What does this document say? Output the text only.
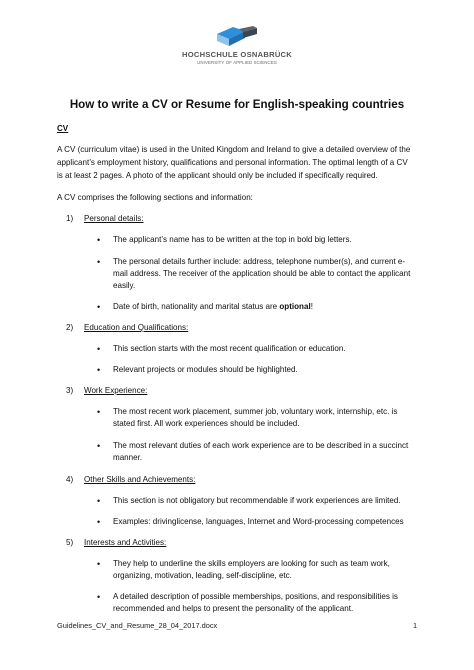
HOCHSCHULE OSNABRÜCK
UNIVERSITY OF APPLIED SCIENCES
How to write a CV or Resume for English-speaking countries
CV
A CV (curriculum vitae) is used in the United Kingdom and Ireland to give a detailed overview of the
applicant’s employment history, qualifications and personal information. The optimal length of a CV
is at least 2 pages. A photo of the applicant should only be included if specifically required.
A CV comprises the following sections and information:
1) Personal details:
• The applicant’s name has to be written at the top in bold big letters.
• The personal details further include: address, telephone number(s), and current e-
mail address. The receiver of the application should be able to contact the applicant
easily.
• Date of birth, nationality and marital status are optional!
2) Education and Qualifications:
• This section starts with the most recent qualification or education.
• Relevant projects or modules should be highlighted.
3) Work Experience:
• The most recent work placement, summer job, voluntary work, internship, etc. is
stated first. All work experiences should be included.
• The most relevant duties of each work experience are to be described in a succinct
manner.
4) Other Skills and Achievements:
• This section is not obligatory but recommendable if work experiences are limited.
• Examples: drivinglicense, languages, Internet and Word-processing competences
5) Interests and Activities:
• They help to underline the skills employers are looking for such as team work,
organizing, motivation, leading, self-discipline, etc.
• A detailed description of possible memberships, positions, and responsibilities is
recommended and helps to present the personality of the applicant.
Guidelines_CV_and_Resume_28_04_2017.docx	1
